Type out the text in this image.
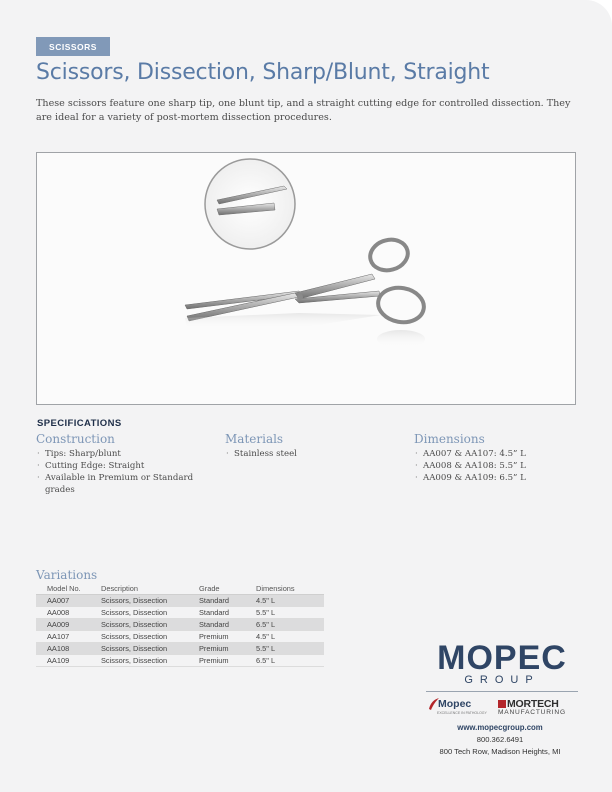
SCISSORS
Scissors, Dissection, Sharp/Blunt, Straight
These scissors feature one sharp tip, one blunt tip, and a straight cutting edge for controlled dissection. They are ideal for a variety of post-mortem dissection procedures.
SPECIFICATIONS
Construction
· Tips: Sharp/blunt
· Cutting Edge: Straight
· Available in Premium or Standard grades
Materials
· Stainless steel
Dimensions
· AA007 & AA107: 4.5” L
· AA008 & AA108: 5.5” L
· AA009 & AA109: 6.5” L
Variations
Model No.	Description	Grade	Dimensions
AA007	Scissors, Dissection	Standard	4.5" L
AA008	Scissors, Dissection	Standard	5.5" L
AA009	Scissors, Dissection	Standard	6.5" L
AA107	Scissors, Dissection	Premium	4.5" L
AA108	Scissors, Dissection	Premium	5.5" L
AA109	Scissors, Dissection	Premium	6.5" L	MOPEC
GROUP
Mopec
EXCELLENCE IN PATHOLOGY
MORTECH
MANUFACTURING
www.mopecgroup.com
800.362.6491
800 Tech Row, Madison Heights, MI
